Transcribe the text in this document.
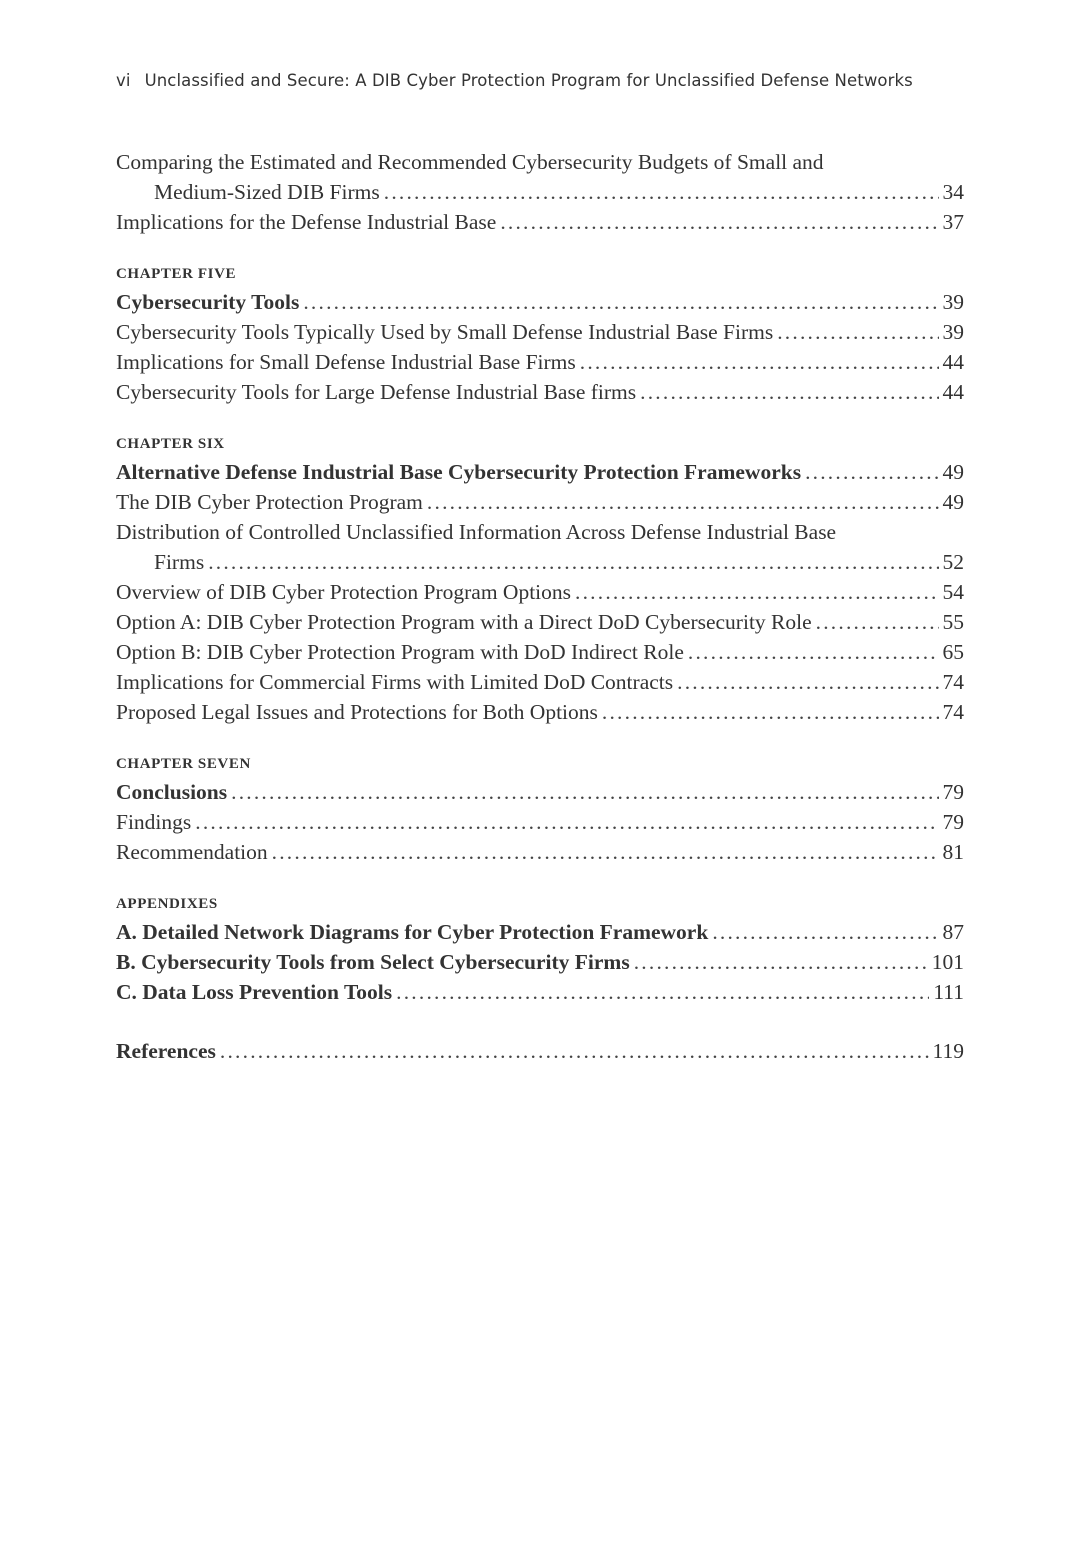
vi Unclassified and Secure: A DIB Cyber Protection Program for Unclassified Defense Networks
Comparing the Estimated and Recommended Cybersecurity Budgets of Small and
Medium-Sized DIB Firms .....	34
Implications for the Defense Industrial Base .....	37
CHAPTER FIVE
Cybersecurity Tools .....	39
Cybersecurity Tools Typically Used by Small Defense Industrial Base Firms .....	39
Implications for Small Defense Industrial Base Firms .....	44
Cybersecurity Tools for Large Defense Industrial Base firms .....	44
CHAPTER SIX
Alternative Defense Industrial Base Cybersecurity Protection Frameworks .....	49
The DIB Cyber Protection Program .....	49
Distribution of Controlled Unclassified Information Across Defense Industrial Base
Firms .....	52
Overview of DIB Cyber Protection Program Options .....	54
Option A: DIB Cyber Protection Program with a Direct DoD Cybersecurity Role .....	55
Option B: DIB Cyber Protection Program with DoD Indirect Role .....	65
Implications for Commercial Firms with Limited DoD Contracts .....	74
Proposed Legal Issues and Protections for Both Options .....	74
CHAPTER SEVEN
Conclusions .....	79
Findings .....	79
Recommendation .....	81
APPENDIXES
A. Detailed Network Diagrams for Cyber Protection Framework .....	87
B. Cybersecurity Tools from Select Cybersecurity Firms .....	101
C. Data Loss Prevention Tools .....	111
References .....	119
